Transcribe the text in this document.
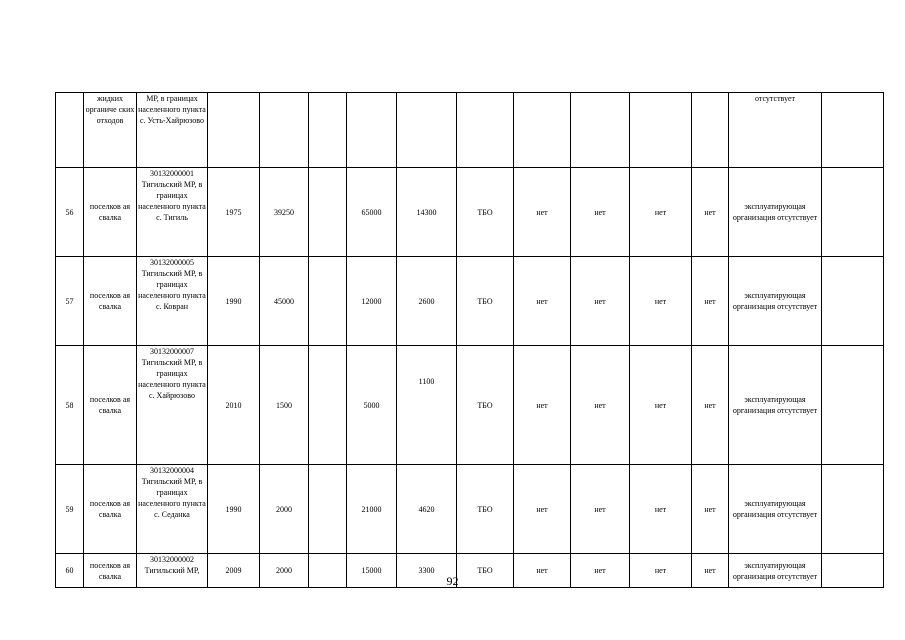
	жидких органиче ских отходов	МР, в границах населенного пункта с. Усть-Хайрюзово											отсутствует	
56	поселков ая свалка	30132000001 Тигильский МР, в границах населенного пункта с. Тигиль	1975	39250		65000	14300	ТБО	нет	нет	нет	нет	эксплуатирующая организация отсутствует	
57	поселков ая свалка	30132000005 Тигильский МР, в границах населенного пункта с. Ковран	1990	45000		12000	2600	ТБО	нет	нет	нет	нет	эксплуатирующая организация отсутствует	
58	поселков ая свалка	30132000007 Тигильский МР, в границах населенного пункта с. Хайрюзово	2010	1500		5000	1100	ТБО	нет	нет	нет	нет	эксплуатирующая организация отсутствует	
59	поселков ая свалка	30132000004 Тигильский МР, в границах населенного пункта с. Седанка	1990	2000		21000	4620	ТБО	нет	нет	нет	нет	эксплуатирующая организация отсутствует	
60	поселков ая свалка	30132000002 Тигильский МР,	2009	2000		15000	3300	ТБО	нет	нет	нет	нет	эксплуатирующая организация отсутствует	
92
